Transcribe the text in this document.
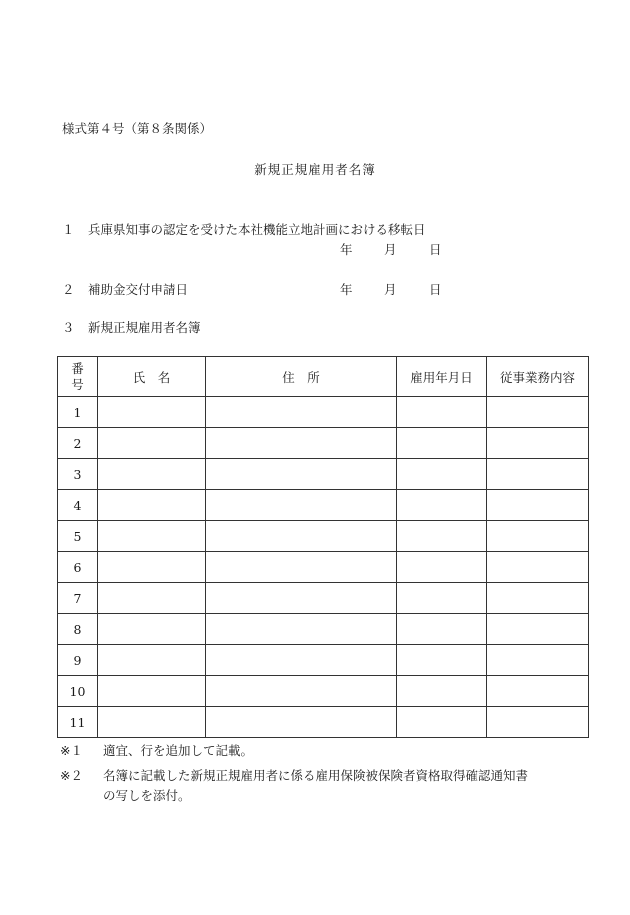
様式第４号（第８条関係）
新規正規雇用者名簿
１ 兵庫県知事の認定を受けた本社機能立地計画における移転日
年	月	日
２ 補助金交付申請日	年	月	日
３ 新規正規雇用者名簿
番
号	氏　名	住　所	雇用年月日	従事業務内容
1				
2				
3				
4				
5				
6				
7				
8				
9				
10				
11				
※１ 適宜、行を追加して記載。
※２ 名簿に記載した新規正規雇用者に係る雇用保険被保険者資格取得確認通知書
の写しを添付。
